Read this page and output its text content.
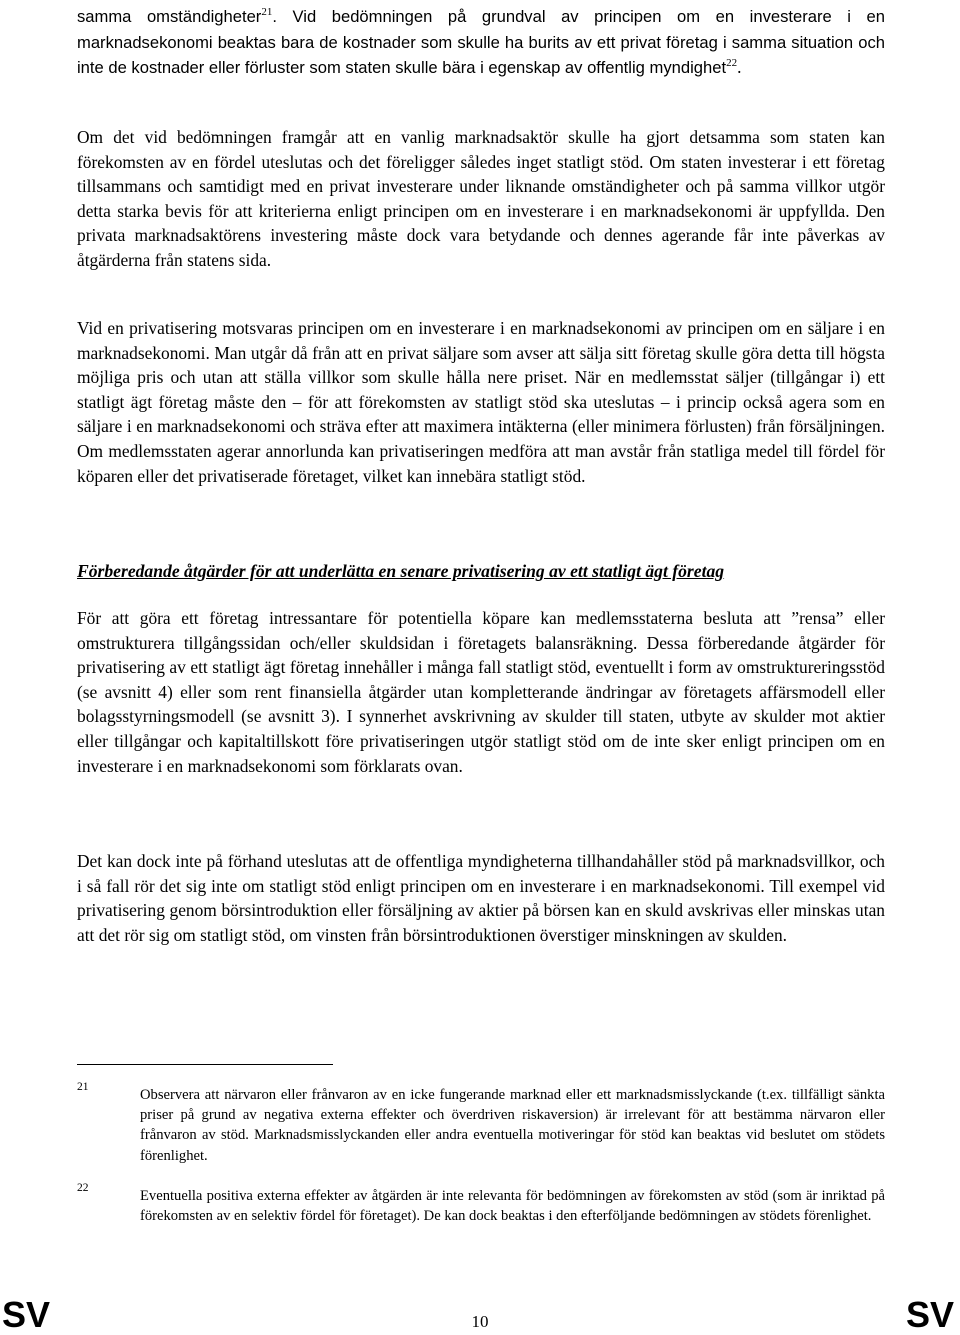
samma omständigheter$^{21}$. Vid bedömningen på grundval av principen om en investerare i en marknadsekonomi beaktas bara de kostnader som skulle ha burits av ett privat företag i samma situation och inte de kostnader eller förluster som staten skulle bära i egenskap av offentlig myndighet$^{22}$.

Om det vid bedömningen framgår att en vanlig marknadsaktör skulle ha gjort detsamma som staten kan förekomsten av en fördel uteslutas och det föreligger således inget statligt stöd. Om staten investerar i ett företag tillsammans och samtidigt med en privat investerare under liknande omständigheter och på samma villkor utgör detta starka bevis för att kriterierna enligt principen om en investerare i en marknadsekonomi är uppfyllda. Den privata marknadsaktörens investering måste dock vara betydande och dennes agerande får inte påverkas av åtgärderna från statens sida.

Vid en privatisering motsvaras principen om en investerare i en marknadsekonomi av principen om en säljare i en marknadsekonomi. Man utgår då från att en privat säljare som avser att sälja sitt företag skulle göra detta till högsta möjliga pris och utan att ställa villkor som skulle hålla nere priset. När en medlemsstat säljer (tillgångar i) ett statligt ägt företag måste den – för att förekomsten av statligt stöd ska uteslutas – i princip också agera som en säljare i en marknadsekonomi och sträva efter att maximera intäkterna (eller minimera förlusten) från försäljningen. Om medlemsstaten agerar annorlunda kan privatiseringen medföra att man avstår från statliga medel till fördel för köparen eller det privatiserade företaget, vilket kan innebära statligt stöd.

Förberedande åtgärder för att underlätta en senare privatisering av ett statligt ägt företag

För att göra ett företag intressantare för potentiella köpare kan medlemsstaterna besluta att ”rensa” eller omstrukturera tillgångssidan och/eller skuldsidan i företagets balansräkning. Dessa förberedande åtgärder för privatisering av ett statligt ägt företag innehåller i många fall statligt stöd, eventuellt i form av omstruktureringsstöd (se avsnitt 4) eller som rent finansiella åtgärder utan kompletterande ändringar av företagets affärsmodell eller bolagsstyrningsmodell (se avsnitt 3). I synnerhet avskrivning av skulder till staten, utbyte av skulder mot aktier eller tillgångar och kapitaltillskott före privatiseringen utgör statligt stöd om de inte sker enligt principen om en investerare i en marknadsekonomi som förklarats ovan.

Det kan dock inte på förhand uteslutas att de offentliga myndigheterna tillhandahåller stöd på marknadsvillkor, och i så fall rör det sig inte om statligt stöd enligt principen om en investerare i en marknadsekonomi. Till exempel vid privatisering genom börsintroduktion eller försäljning av aktier på börsen kan en skuld avskrivas eller minskas utan att det rör sig om statligt stöd, om vinsten från börsintroduktionen överstiger minskningen av skulden.

21	Observera att närvaron eller frånvaron av en icke fungerande marknad eller ett marknadsmisslyckande (t.ex. tillfälligt sänkta priser på grund av negativa externa effekter och överdriven riskaversion) är irrelevant för att bestämma närvaron eller frånvaron av stöd. Marknadsmisslyckanden eller andra eventuella motiveringar för stöd kan beaktas vid beslutet om stödets förenlighet.
22	Eventuella positiva externa effekter av åtgärden är inte relevanta för bedömningen av förekomsten av stöd (som är inriktad på förekomsten av en selektiv fördel för företaget). De kan dock beaktas i den efterföljande bedömningen av stödets förenlighet.
SV	10	SV
